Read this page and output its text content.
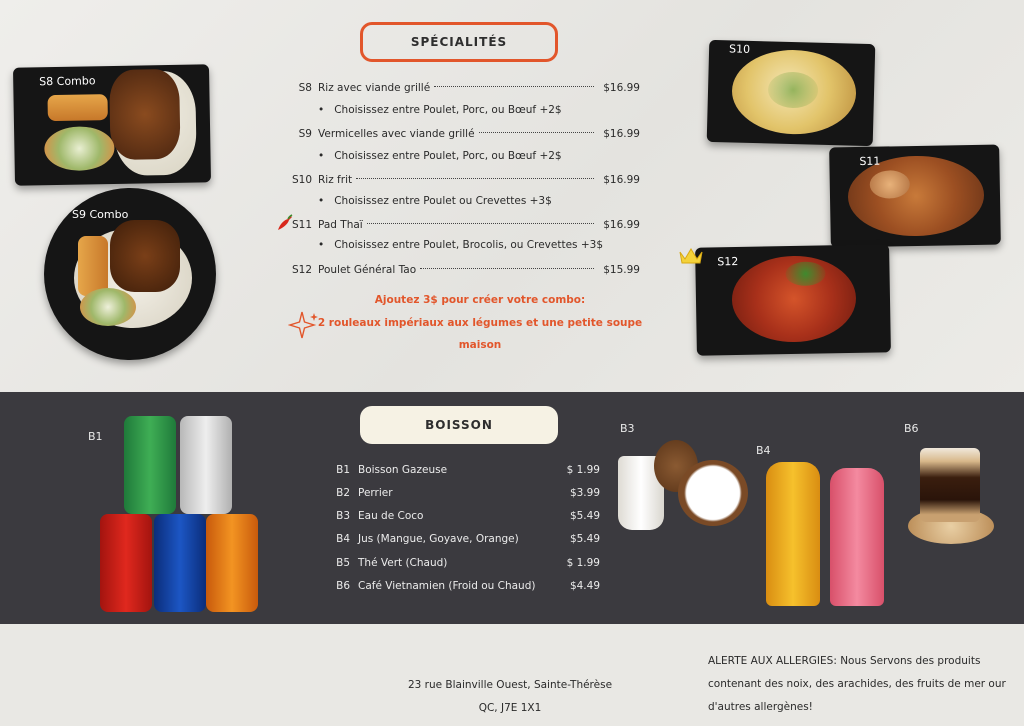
SPÉCIALITÉS
S8 Combo
S9 Combo
S8 Riz avec viande grillé	$16.99
• Choisissez entre Poulet, Porc, ou Bœuf +2$
S9 Vermicelles avec viande grillé	$16.99
• Choisissez entre Poulet, Porc, ou Bœuf +2$
S10 Riz frit	$16.99
• Choisissez entre Poulet ou Crevettes +3$
S11 Pad Thaï	$16.99
• Choisissez entre Poulet, Brocolis, ou Crevettes +3$
S12 Poulet Général Tao	$15.99
Ajoutez 3$ pour créer votre combo:
2 rouleaux impériaux aux légumes et une petite soupe
maison
S10
S11
S12
BOISSON
B1
B1 Boisson Gazeuse	$ 1.99
B2 Perrier	$3.99
B3 Eau de Coco	$5.49
B4 Jus (Mangue, Goyave, Orange)	$5.49
B5 Thé Vert (Chaud)	$ 1.99
B6 Café Vietnamien (Froid ou Chaud)	$4.49
B3
B4
B6
23 rue Blainville Ouest, Sainte-Thérèse
QC, J7E 1X1
ALERTE AUX ALLERGIES: Nous Servons des produits
contenant des noix, des arachides, des fruits de mer our
d'autres allergènes!
